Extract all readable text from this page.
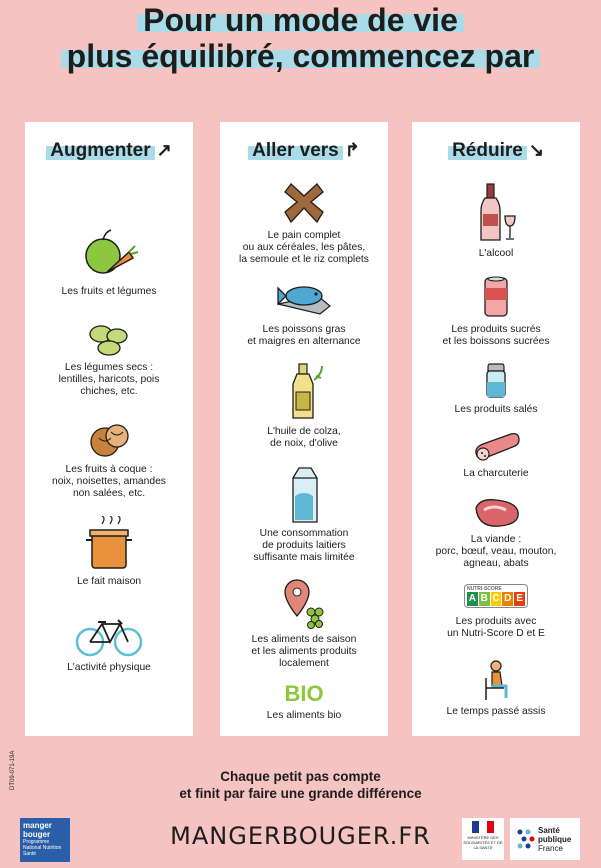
Pour un mode de vie
plus équilibré, commencez par
Augmenter ↗
Les fruits et légumes
Les légumes secs :
lentilles, haricots, pois
chiches, etc.
Les fruits à coque :
noix, noisettes, amandes
non salées, etc.
Le fait maison
L'activité physique
Aller vers ↱
Le pain complet
ou aux céréales, les pâtes,
la semoule et le riz complets
Les poissons gras
et maigres en alternance
L'huile de colza,
de noix, d'olive
Une consommation
de produits laitiers
suffisante mais limitée
Les aliments de saison
et les aliments produits
localement
BIO
Les aliments bio
Réduire ↘
L'alcool
Les produits sucrés
et les boissons sucrées
Les produits salés
La charcuterie
La viande :
porc, bœuf, veau, mouton,
agneau, abats
NUTRI-SCORE
A B C D E
Les produits avec
un Nutri-Score D et E
Le temps passé assis
Chaque petit pas compte
et finit par faire une grande différence
DT09-071-19A
manger bouger
Programme National Nutrition Santé
MANGERBOUGER.FR	MINISTÈRE DES SOLIDARITÉS ET DE LA SANTÉ
Santé
publique
France
